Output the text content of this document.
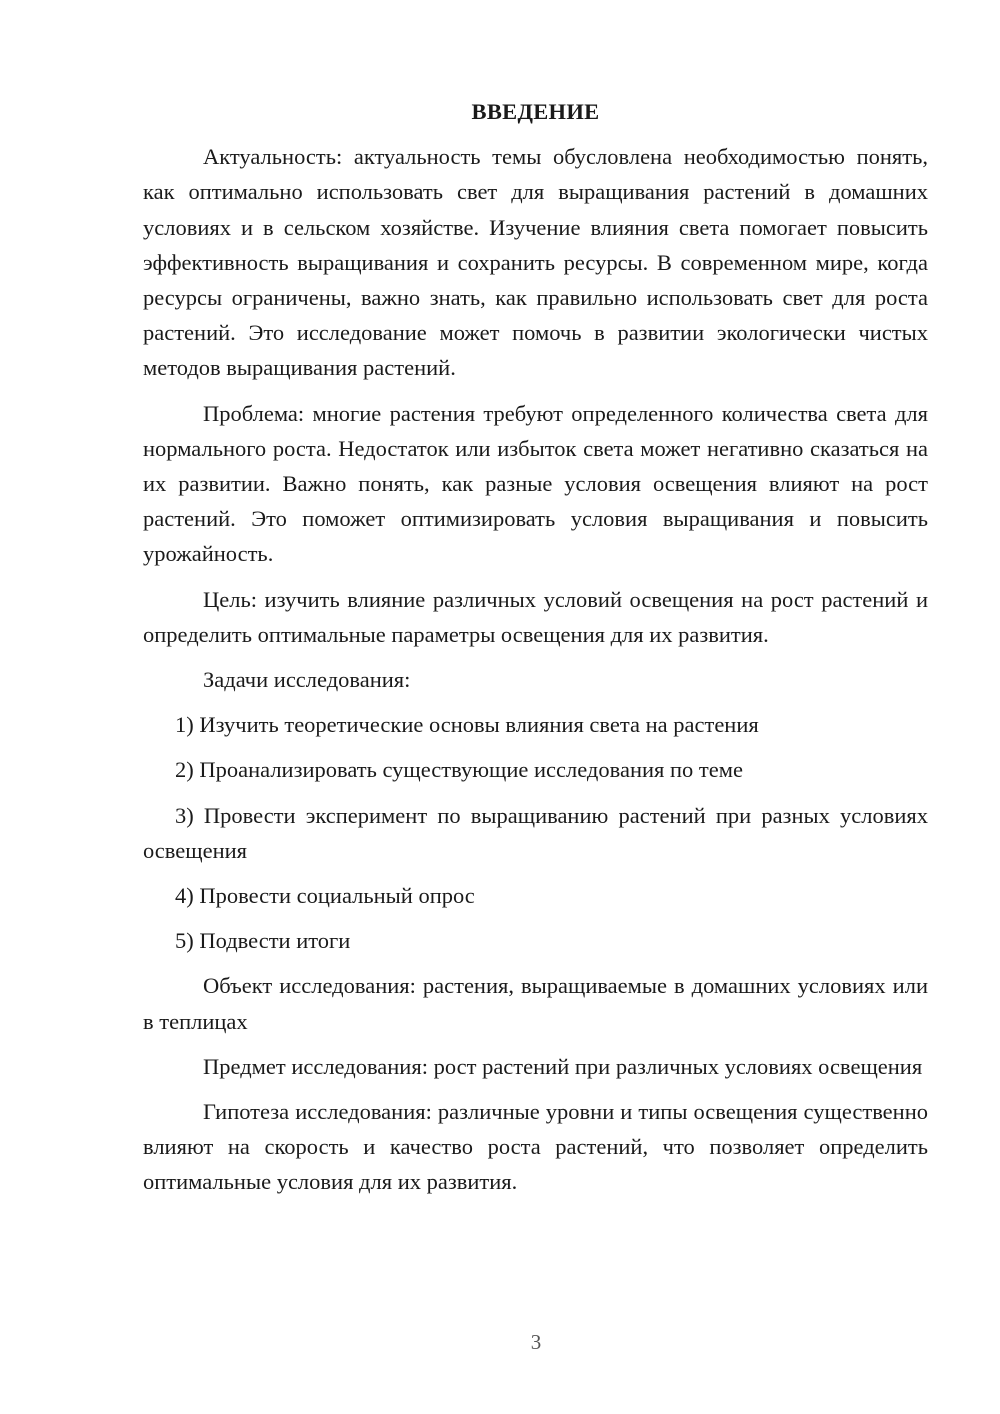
ВВЕДЕНИЕ

Актуальность: актуальность темы обусловлена необходимостью понять, как оптимально использовать свет для выращивания растений в домашних условиях и в сельском хозяйстве. Изучение влияния света помогает повысить эффективность выращивания и сохранить ресурсы. В современном мире, когда ресурсы ограничены, важно знать, как правильно использовать свет для роста растений. Это исследование может помочь в развитии экологически чистых методов выращивания растений.

Проблема: многие растения требуют определенного количества света для нормального роста. Недостаток или избыток света может негативно сказаться на их развитии. Важно понять, как разные условия освещения влияют на рост растений. Это поможет оптимизировать условия выращивания и повысить урожайность.

Цель: изучить влияние различных условий освещения на рост растений и определить оптимальные параметры освещения для их развития.

Задачи исследования:

1) Изучить теоретические основы влияния света на растения

2) Проанализировать существующие исследования по теме

3) Провести эксперимент по выращиванию растений при разных условиях освещения

4) Провести социальный опрос

5) Подвести итоги

Объект исследования: растения, выращиваемые в домашних условиях или в теплицах

Предмет исследования: рост растений при различных условиях освещения

Гипотеза исследования: различные уровни и типы освещения существенно влияют на скорость и качество роста растений, что позволяет определить оптимальные условия для их развития.

3
